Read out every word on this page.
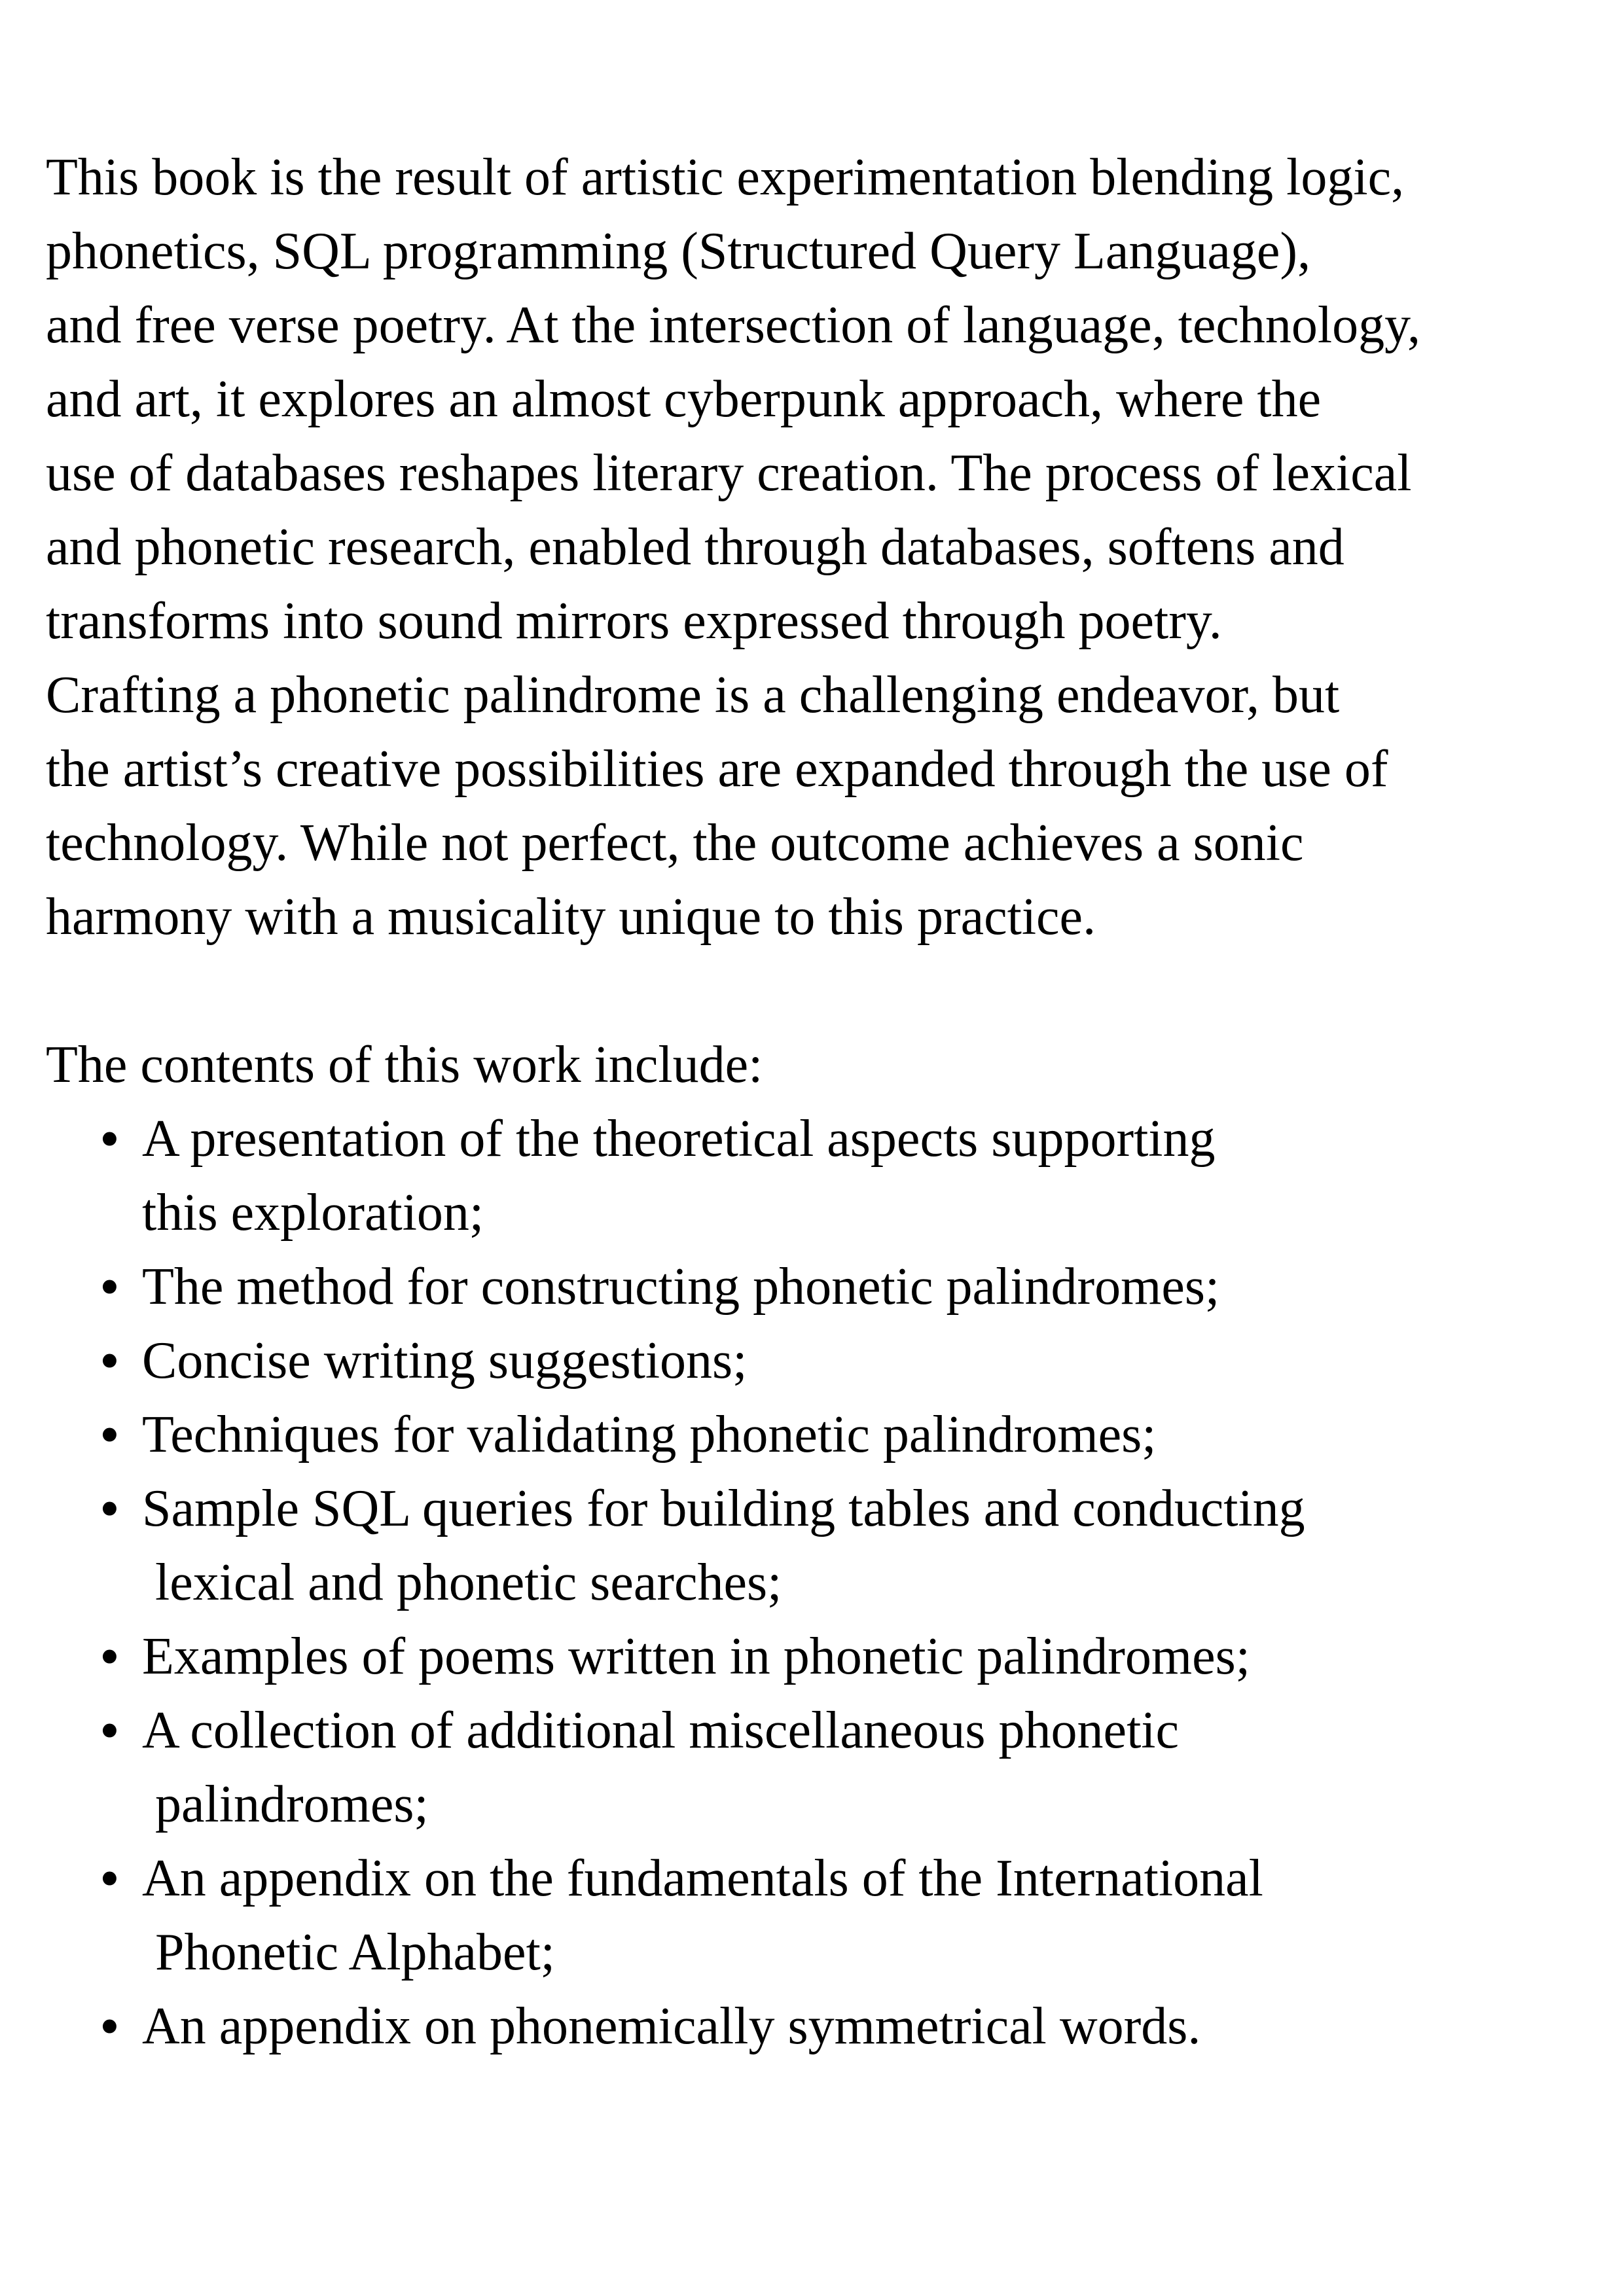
This book is the result of artistic experimentation blending logic,
phonetics, SQL programming (Structured Query Language),
and free verse poetry. At the intersection of language, technology,
and art, it explores an almost cyberpunk approach, where the
use of databases reshapes literary creation. The process of lexical
and phonetic research, enabled through databases, softens and
transforms into sound mirrors expressed through poetry.
Crafting a phonetic palindrome is a challenging endeavor, but
the artist’s creative possibilities are expanded through the use of
technology. While not perfect, the outcome achieves a sonic
harmony with a musicality unique to this practice.
The contents of this work include:
• A presentation of the theoretical aspects supporting
this exploration;
• The method for constructing phonetic palindromes;
• Concise writing suggestions;
• Techniques for validating phonetic palindromes;
• Sample SQL queries for building tables and conducting
lexical and phonetic searches;
• Examples of poems written in phonetic palindromes;
• A collection of additional miscellaneous phonetic
palindromes;
• An appendix on the fundamentals of the International
Phonetic Alphabet;
• An appendix on phonemically symmetrical words.
